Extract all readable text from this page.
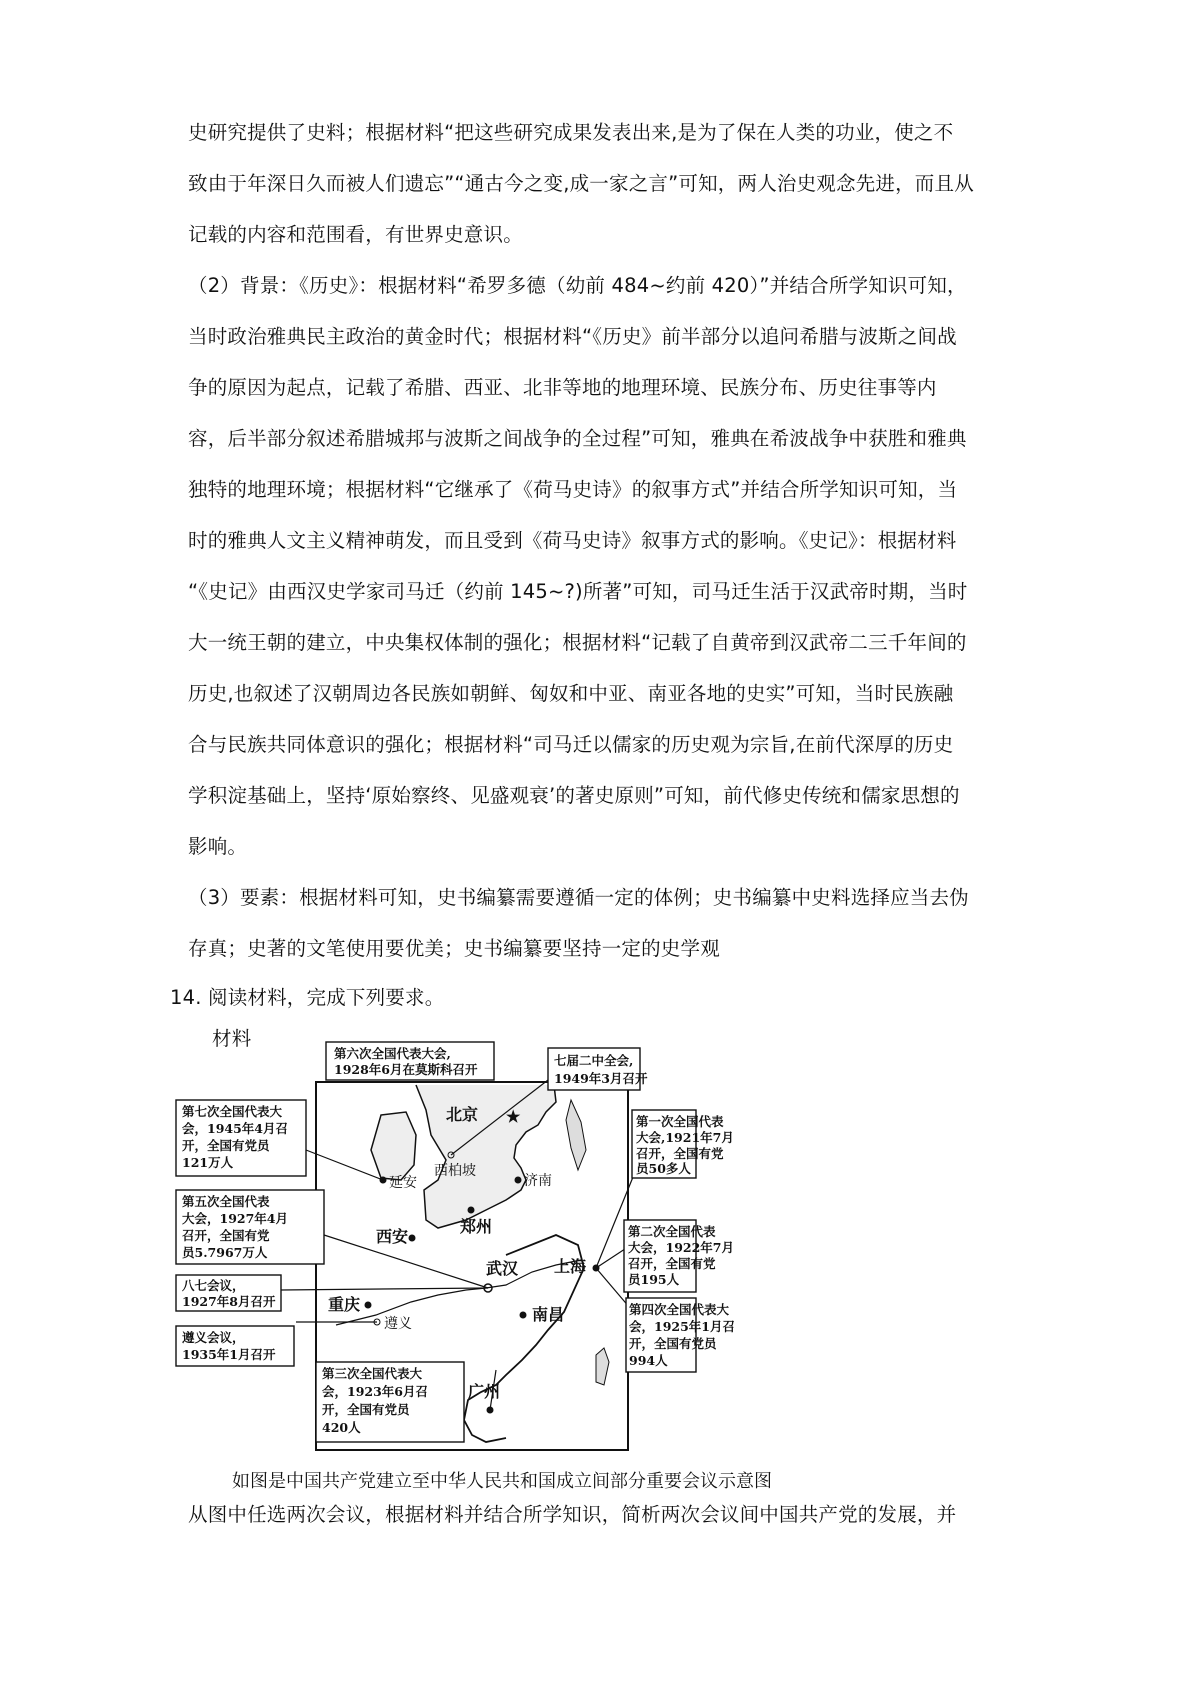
史研究提供了史料；根据材料“把这些研究成果发表出来,是为了保在人类的功业，使之不
致由于年深日久而被人们遗忘”“通古今之变,成一家之言”可知，两人治史观念先进，而且从
记载的内容和范围看，有世界史意识。
（2）背景：《历史》：根据材料“希罗多德（幼前 484~约前 420）”并结合所学知识可知，
当时政治雅典民主政治的黄金时代；根据材料“《历史》前半部分以追问希腊与波斯之间战
争的原因为起点，记载了希腊、西亚、北非等地的地理环境、民族分布、历史往事等内
容，后半部分叙述希腊城邦与波斯之间战争的全过程”可知，雅典在希波战争中获胜和雅典
独特的地理环境；根据材料“它继承了《荷马史诗》的叙事方式”并结合所学知识可知，当
时的雅典人文主义精神萌发，而且受到《荷马史诗》叙事方式的影响。《史记》：根据材料
“《史记》由西汉史学家司马迁（约前 145~?)所著”可知，司马迁生活于汉武帝时期，当时
大一统王朝的建立，中央集权体制的强化；根据材料“记载了自黄帝到汉武帝二三千年间的
历史,也叙述了汉朝周边各民族如朝鲜、匈奴和中亚、南亚各地的史实”可知，当时民族融
合与民族共同体意识的强化；根据材料“司马迁以儒家的历史观为宗旨,在前代深厚的历史
学积淀基础上，坚持‘原始察终、见盛观衰’的著史原则”可知，前代修史传统和儒家思想的
影响。
（3）要素：根据材料可知，史书编纂需要遵循一定的体例；史书编纂中史料选择应当去伪
存真；史著的文笔使用要优美；史书编纂要坚持一定的史学观
14. 阅读材料，完成下列要求。
材料
★
北京
延安
西柏坡
济南
西安
郑州
武汉 上海
重庆
遵义	南昌
广州
第六次全国代表大会,
1928年6月在莫斯科召开
七届二中全会,
1949年3月召开
第七次全国代表大
会，1945年4月召
开，全国有党员
121万人
第一次全国代表
大会,1921年7月
召开，全国有党
员50多人
第五次全国代表
大会，1927年4月
召开，全国有党
员5.7967万人
第二次全国代表
大会，1922年7月
召开，全国有党
员195人
八七会议，
1927年8月召开
第四次全国代表大
会，1925年1月召
开，全国有党员
994人
遵义会议，
1935年1月召开
第三次全国代表大
会，1923年6月召
开，全国有党员
420人
如图是中国共产党建立至中华人民共和国成立间部分重要会议示意图
从图中任选两次会议，根据材料并结合所学知识，简析两次会议间中国共产党的发展，并
